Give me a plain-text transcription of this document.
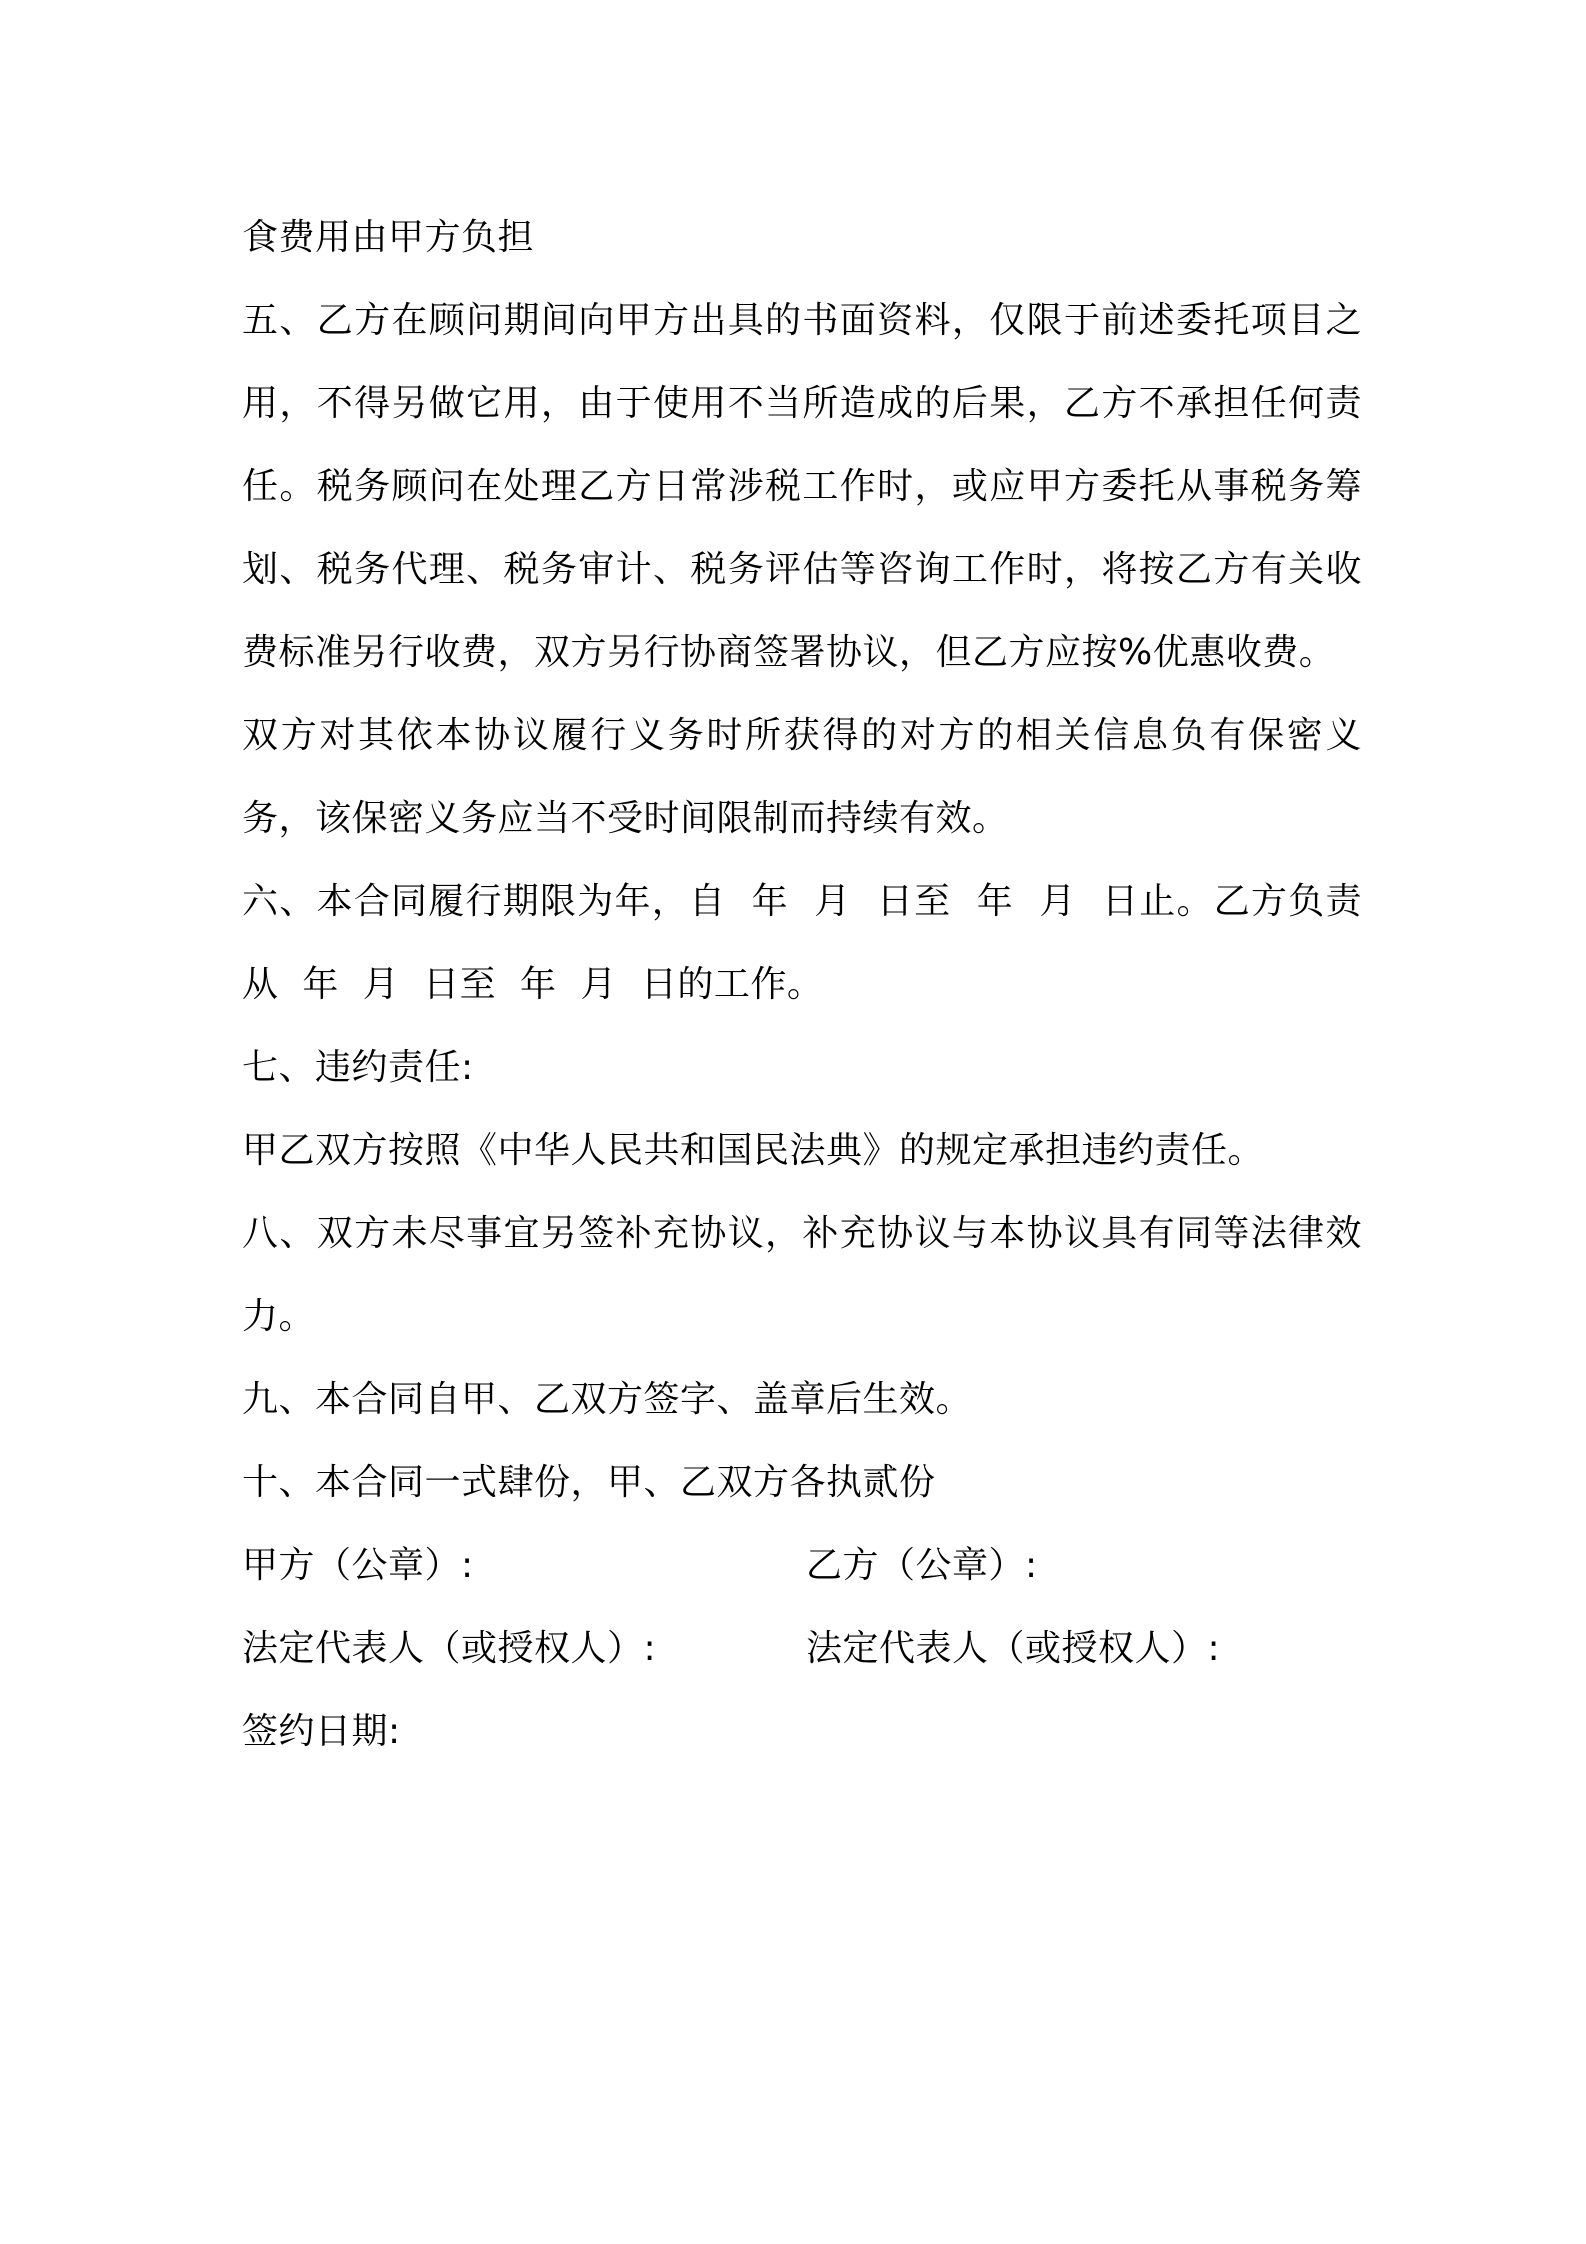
食费用由甲方负担

五、乙方在顾问期间向甲方出具的书面资料，仅限于前述委托项目之用，不得另做它用，由于使用不当所造成的后果，乙方不承担任何责任。税务顾问在处理乙方日常涉税工作时，或应甲方委托从事税务筹划、税务代理、税务审计、税务评估等咨询工作时，将按乙方有关收费标准另行收费，双方另行协商签署协议，但乙方应按%优惠收费。

双方对其依本协议履行义务时所获得的对方的相关信息负有保密义务，该保密义务应当不受时间限制而持续有效。

六、本合同履行期限为年，自  年  月  日至  年  月  日止。乙方负责从  年  月  日至  年  月  日的工作。

七、违约责任:

甲乙双方按照《中华人民共和国民法典》的规定承担违约责任。

八、双方未尽事宜另签补充协议，补充协议与本协议具有同等法律效力。

九、本合同自甲、乙双方签字、盖章后生效。

十、本合同一式肆份，甲、乙双方各执贰份

甲方（公章）:	乙方（公章）:
法定代表人（或授权人）:	法定代表人（或授权人）:
签约日期:
